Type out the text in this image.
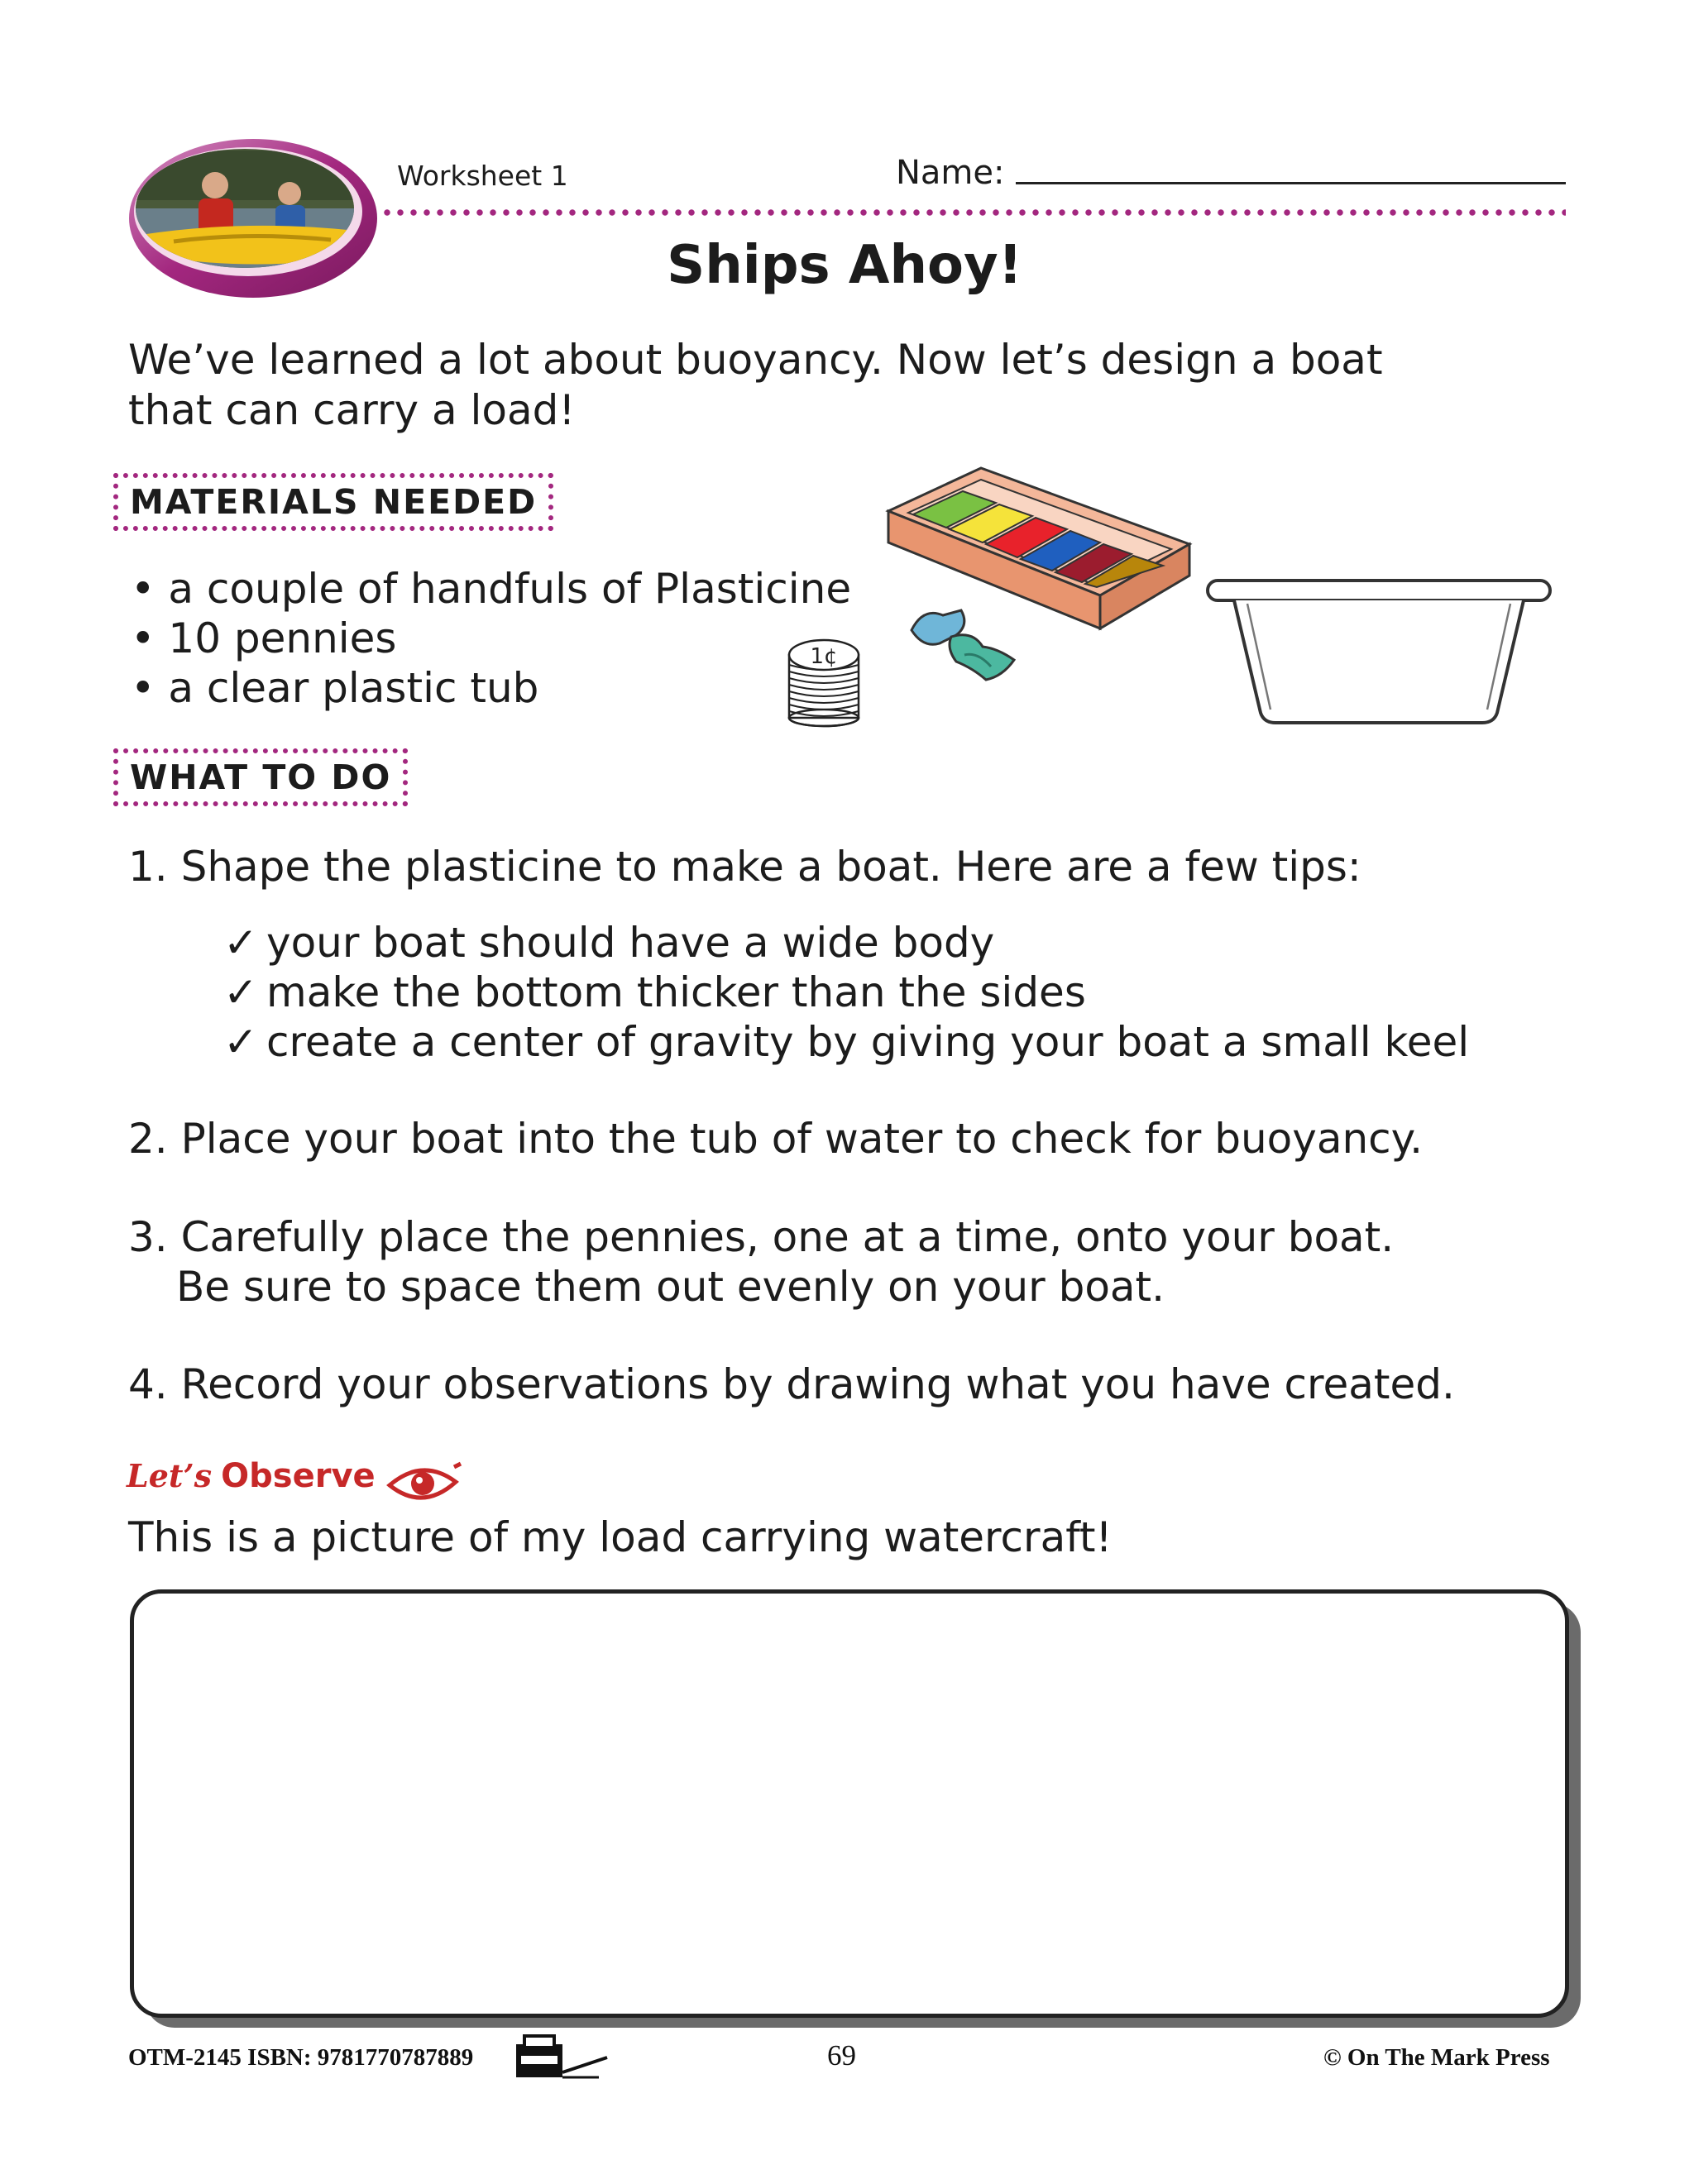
Worksheet 1	Name:
Ships Ahoy!
We’ve learned a lot about buoyancy. Now let’s design a boat
that can carry a load!
MATERIALS NEEDED
• a couple of handfuls of Plasticine
• 10 pennies
• a clear plastic tub
1¢
WHAT TO DO
1. Shape the plasticine to make a boat. Here are a few tips:
2. Place your boat into the tub of water to check for buoyancy.
3. Carefully place the pennies, one at a time, onto your boat.
Be sure to space them out evenly on your boat.
4. Record your observations by drawing what you have created.
✓ your boat should have a wide body
✓ make the bottom thicker than the sides
✓ create a center of gravity by giving your boat a small keel
Let’s Observe
This is a picture of my load carrying watercraft!
OTM-2145 ISBN: 9781770787889	69	© On The Mark Press
